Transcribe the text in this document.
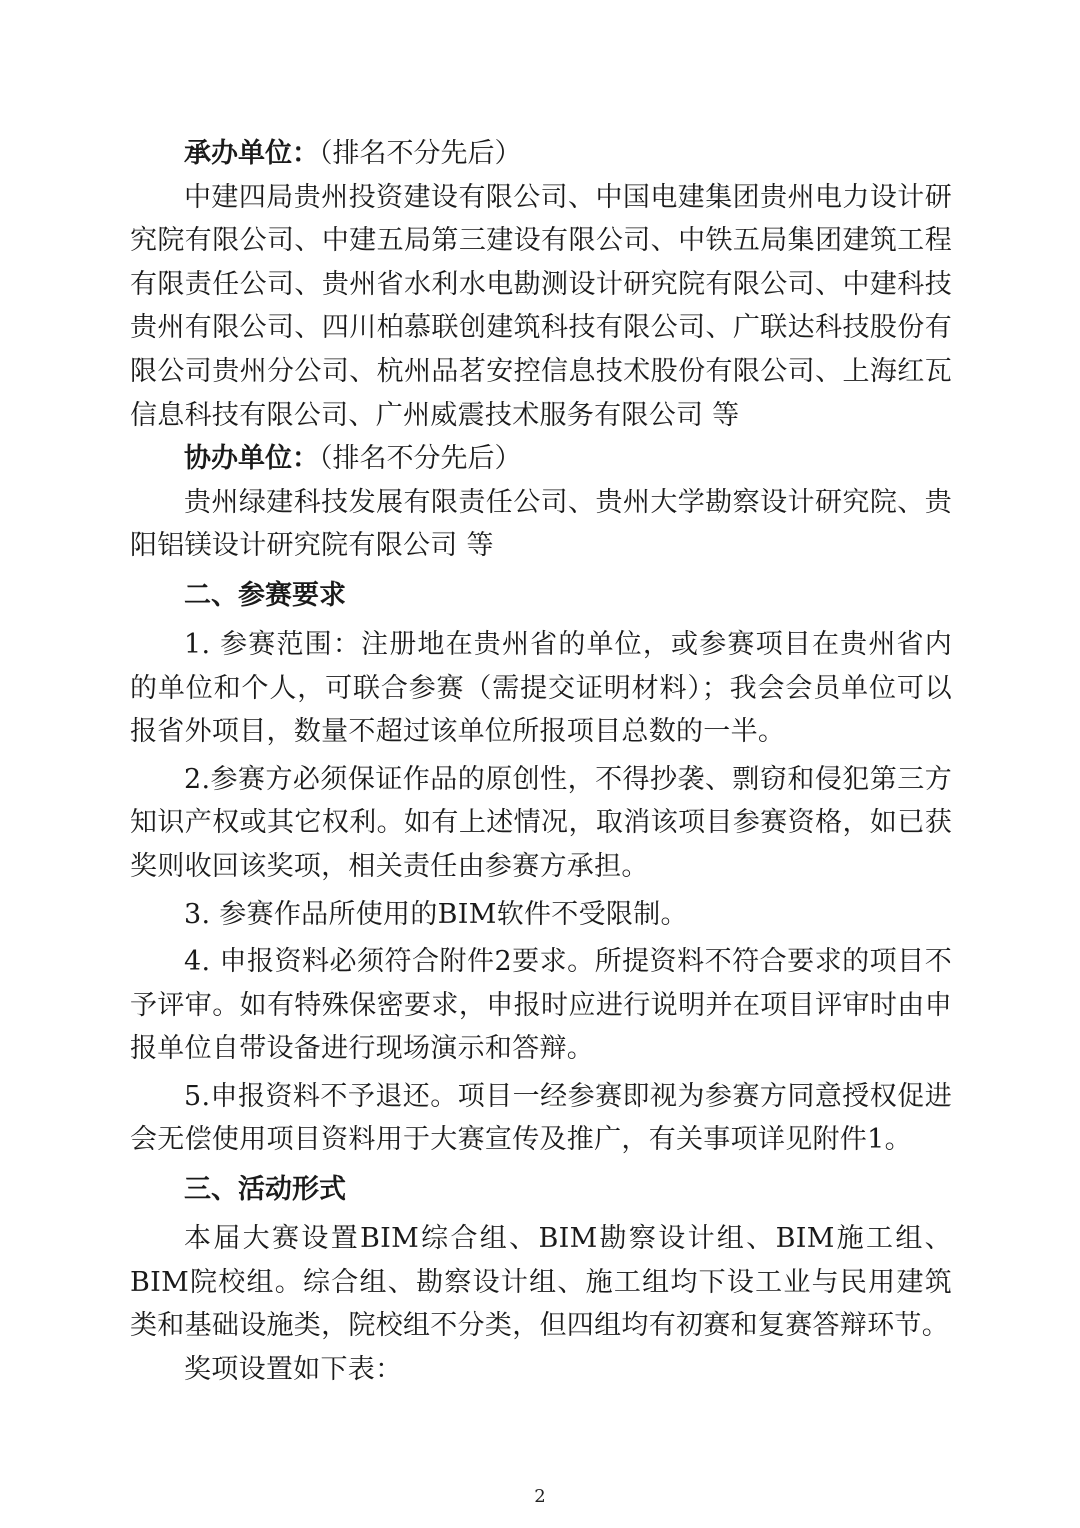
承办单位：（排名不分先后）

中建四局贵州投资建设有限公司、中国电建集团贵州电力设计研究院有限公司、中建五局第三建设有限公司、中铁五局集团建筑工程有限责任公司、贵州省水利水电勘测设计研究院有限公司、中建科技贵州有限公司、四川柏慕联创建筑科技有限公司、广联达科技股份有限公司贵州分公司、杭州品茗安控信息技术股份有限公司、上海红瓦信息科技有限公司、广州威震技术服务有限公司 等

协办单位：（排名不分先后）

贵州绿建科技发展有限责任公司、贵州大学勘察设计研究院、贵阳铝镁设计研究院有限公司 等

二、参赛要求

1. 参赛范围：注册地在贵州省的单位，或参赛项目在贵州省内的单位和个人，可联合参赛（需提交证明材料）；我会会员单位可以报省外项目，数量不超过该单位所报项目总数的一半。

2.参赛方必须保证作品的原创性，不得抄袭、剽窃和侵犯第三方知识产权或其它权利。如有上述情况，取消该项目参赛资格，如已获奖则收回该奖项，相关责任由参赛方承担。

3. 参赛作品所使用的BIM软件不受限制。

4. 申报资料必须符合附件2要求。所提资料不符合要求的项目不予评审。如有特殊保密要求，申报时应进行说明并在项目评审时由申报单位自带设备进行现场演示和答辩。

5.申报资料不予退还。项目一经参赛即视为参赛方同意授权促进会无偿使用项目资料用于大赛宣传及推广，有关事项详见附件1。

三、活动形式

本届大赛设置BIM综合组、BIM勘察设计组、BIM施工组、BIM院校组。综合组、勘察设计组、施工组均下设工业与民用建筑类和基础设施类，院校组不分类，但四组均有初赛和复赛答辩环节。

奖项设置如下表：

2
